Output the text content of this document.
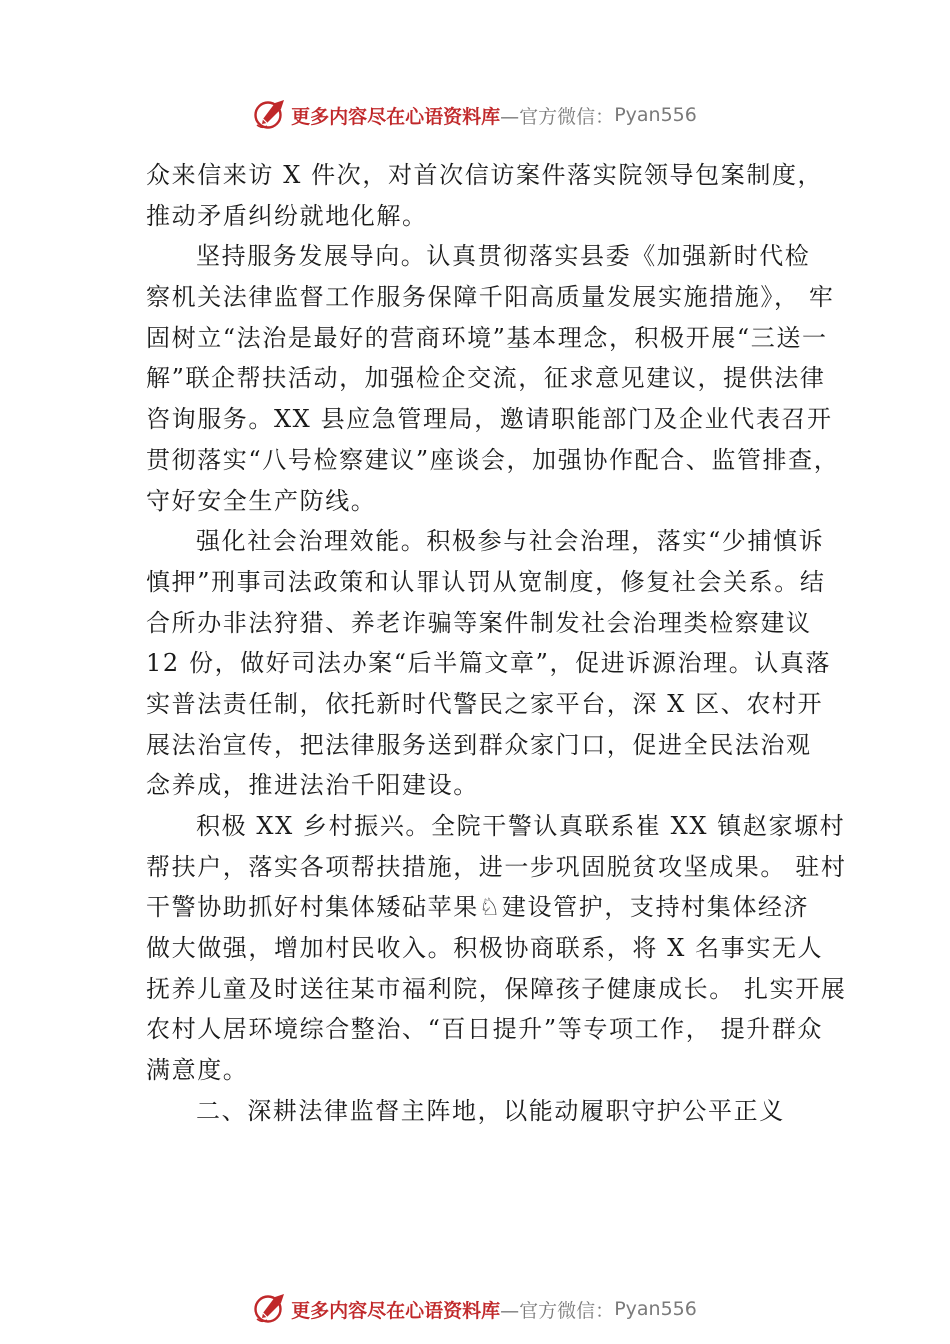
更多内容尽在心语资料库 —官方微信： Pyan556
众来信来访 X 件次，对首次信访案件落实院领导包案制度，
推动矛盾纠纷就地化解。
坚持服务发展导向。认真贯彻落实县委《加强新时代检
察机关法律监督工作服务保障千阳高质量发展实施措施》， 牢
固树立“法治是最好的营商环境”基本理念，积极开展“三送一
解”联企帮扶活动，加强检企交流，征求意见建议，提供法律
咨询服务。XX 县应急管理局，邀请职能部门及企业代表召开
贯彻落实“八号检察建议”座谈会，加强协作配合、监管排查，
守好安全生产防线。
强化社会治理效能。积极参与社会治理，落实“少捕慎诉
慎押”刑事司法政策和认罪认罚从宽制度，修复社会关系。结
合所办非法狩猎、养老诈骗等案件制发社会治理类检察建议
12 份，做好司法办案“后半篇文章”，促进诉源治理。认真落
实普法责任制，依托新时代警民之家平台，深 X 区、农村开
展法治宣传，把法律服务送到群众家门口，促进全民法治观
念养成，推进法治千阳建设。
积极 XX 乡村振兴。全院干警认真联系崔 XX 镇赵家塬村
帮扶户，落实各项帮扶措施，进一步巩固脱贫攻坚成果。 驻村
干警协助抓好村集体矮砧苹果♘建设管护，支持村集体经济
做大做强，增加村民收入。积极协商联系，将 X 名事实无人
抚养儿童及时送往某市福利院，保障孩子健康成长。 扎实开展
农村人居环境综合整治、“百日提升”等专项工作， 提升群众
满意度。
二、深耕法律监督主阵地，以能动履职守护公平正义
更多内容尽在心语资料库 —官方微信： Pyan556
